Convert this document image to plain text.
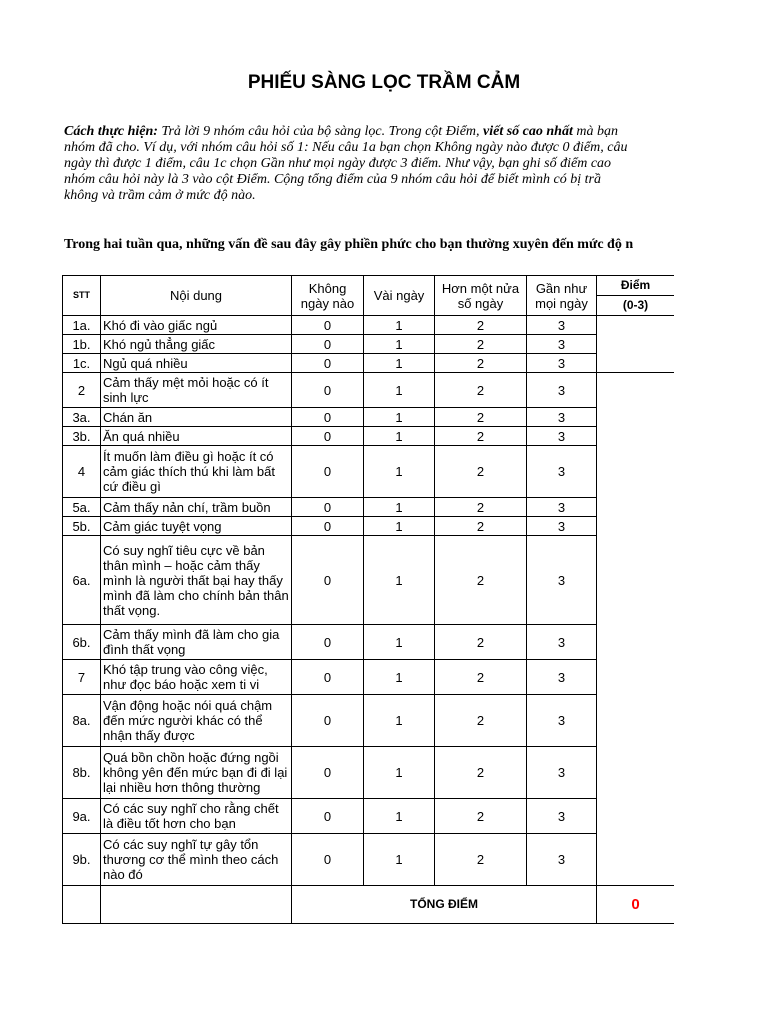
PHIẾU SÀNG LỌC TRẦM CẢM
Cách thực hiện: Trả lời 9 nhóm câu hỏi của bộ sàng lọc. Trong cột Điểm, viết số cao nhất mà bạn
nhóm đã cho. Ví dụ, với nhóm câu hỏi số 1: Nếu câu 1a bạn chọn Không ngày nào được 0 điểm, câu
ngày thì được 1 điểm, câu 1c chọn Gần như mọi ngày được 3 điểm. Như vậy, bạn ghi số điểm cao
nhóm câu hỏi này là 3 vào cột Điểm. Cộng tổng điểm của 9 nhóm câu hỏi để biết mình có bị trầ
không và trầm cảm ở mức độ nào.
Trong hai tuần qua, những vấn đề sau đây gây phiền phức cho bạn thường xuyên đến mức độ n
STT	Nội dung	Không ngày nào	Vài ngày	Hơn một nửa số ngày	Gần như mọi ngày	Điểm
						(0-3)
1a.	Khó đi vào giấc ngủ	0	1	2	3	
1b.	Khó ngủ thẳng giấc	0	1	2	3	
1c.	Ngủ quá nhiều	0	1	2	3	
2	Cảm thấy mệt mỏi hoặc có ít sinh lực	0	1	2	3	
3a.	Chán ăn	0	1	2	3	
3b.	Ăn quá nhiều	0	1	2	3	
4	Ít muốn làm điều gì hoặc ít có cảm giác thích thú khi làm bất cứ điều gì	0	1	2	3	
5a.	Cảm thấy nản chí, trầm buồn	0	1	2	3	
5b.	Cảm giác tuyệt vọng	0	1	2	3	
6a.	Có suy nghĩ tiêu cực về bản thân mình – hoặc cảm thấy mình là người thất bại hay thấy mình đã làm cho chính bản thân thất vọng.	0	1	2	3	
6b.	Cảm thấy mình đã làm cho gia đình thất vọng	0	1	2	3	
7	Khó tập trung vào công việc, như đọc báo hoặc xem ti vi	0	1	2	3	
8a.	Vận động hoặc nói quá chậm đến mức người khác có thể nhận thấy được	0	1	2	3	
8b.	Quá bồn chồn hoặc đứng ngồi không yên đến mức bạn đi đi lại lại nhiều hơn thông thường	0	1	2	3	
9a.	Có các suy nghĩ cho rằng chết là điều tốt hơn cho bạn	0	1	2	3	
9b.	Có các suy nghĩ tự gây tổn thương cơ thể mình theo cách nào đó	0	1	2	3	
		TỔNG ĐIỂM				0
